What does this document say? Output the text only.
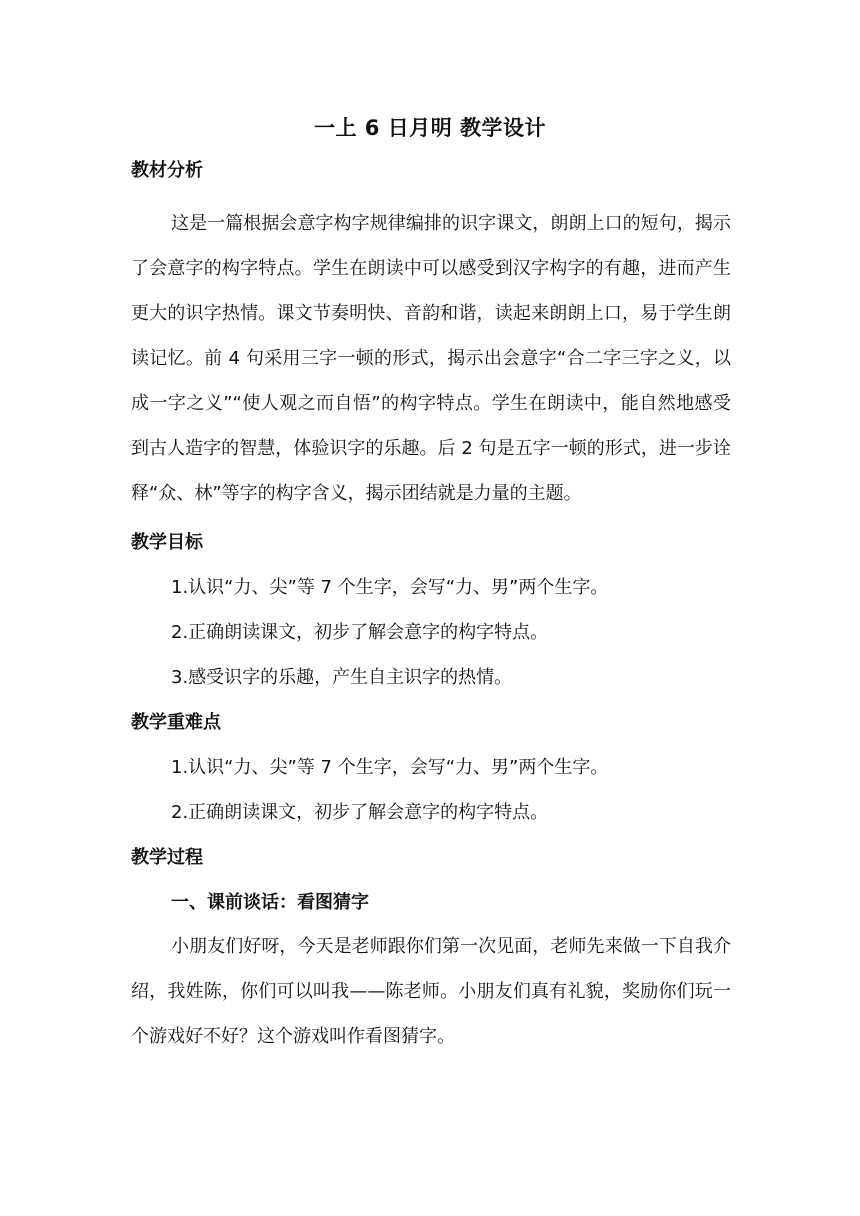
一上 6 日月明 教学设计
教材分析

这是一篇根据会意字构字规律编排的识字课文，朗朗上口的短句，揭示了会意字的构字特点。学生在朗读中可以感受到汉字构字的有趣，进而产生更大的识字热情。课文节奏明快、音韵和谐，读起来朗朗上口，易于学生朗读记忆。前 4 句采用三字一顿的形式，揭示出会意字“合二字三字之义，以成一字之义”“使人观之而自悟”的构字特点。学生在朗读中，能自然地感受到古人造字的智慧，体验识字的乐趣。后 2 句是五字一顿的形式，进一步诠释“众、林”等字的构字含义，揭示团结就是力量的主题。

教学目标
1.认识“力、尖”等 7 个生字，会写“力、男”两个生字。
2.正确朗读课文，初步了解会意字的构字特点。
3.感受识字的乐趣，产生自主识字的热情。
教学重难点
1.认识“力、尖”等 7 个生字，会写“力、男”两个生字。
2.正确朗读课文，初步了解会意字的构字特点。
教学过程
一、课前谈话：看图猜字

小朋友们好呀，今天是老师跟你们第一次见面，老师先来做一下自我介绍，我姓陈，你们可以叫我——陈老师。小朋友们真有礼貌，奖励你们玩一个游戏好不好？这个游戏叫作看图猜字。
